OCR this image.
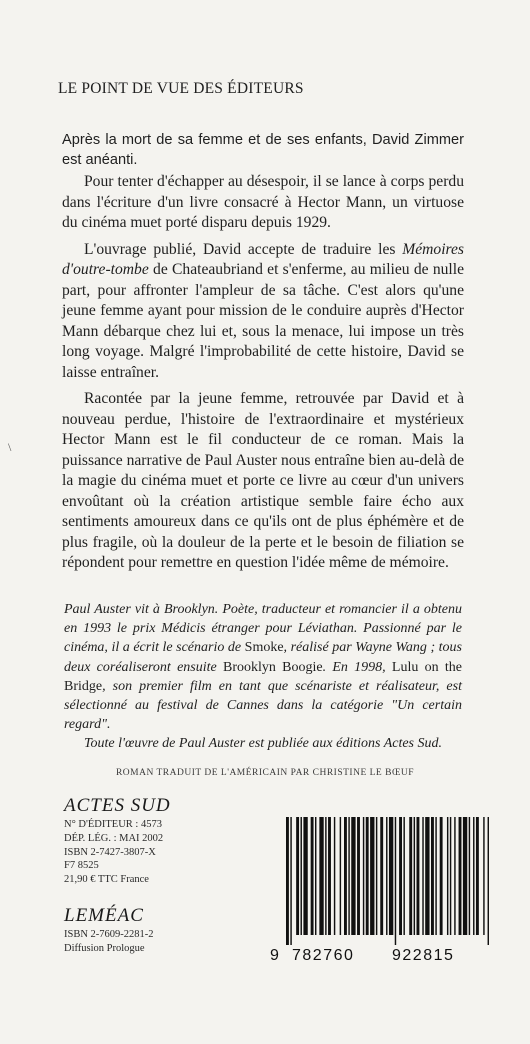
LE POINT DE VUE DES ÉDITEURS

Après la mort de sa femme et de ses enfants, David Zimmer est anéanti.

Pour tenter d'échapper au désespoir, il se lance à corps perdu dans l'écriture d'un livre consacré à Hector Mann, un virtuose du cinéma muet porté disparu depuis 1929.

L'ouvrage publié, David accepte de traduire les Mémoires d'outre-tombe de Chateaubriand et s'enferme, au milieu de nulle part, pour affronter l'ampleur de sa tâche. C'est alors qu'une jeune femme ayant pour mission de le conduire auprès d'Hector Mann débarque chez lui et, sous la menace, lui impose un très long voyage. Malgré l'improbabilité de cette histoire, David se laisse entraîner.

Racontée par la jeune femme, retrouvée par David et à nouveau perdue, l'histoire de l'extraordinaire et mystérieux Hector Mann est le fil conducteur de ce roman. Mais la puissance narrative de Paul Auster nous entraîne bien au-delà de la magie du cinéma muet et porte ce livre au cœur d'un univers envoûtant où la création artistique semble faire écho aux sentiments amoureux dans ce qu'ils ont de plus éphémère et de plus fragile, où la douleur de la perte et le besoin de filiation se répondent pour remettre en question l'idée même de mémoire.

Paul Auster vit à Brooklyn. Poète, traducteur et romancier il a obtenu en 1993 le prix Médicis étranger pour Léviathan. Passionné par le cinéma, il a écrit le scénario de Smoke, réalisé par Wayne Wang ; tous deux coréaliseront ensuite Brooklyn Boogie. En 1998, Lulu on the Bridge, son premier film en tant que scénariste et réalisateur, est sélectionné au festival de Cannes dans la catégorie "Un certain regard".

Toute l'œuvre de Paul Auster est publiée aux éditions Actes Sud.

ROMAN TRADUIT DE L'AMÉRICAIN PAR CHRISTINE LE BŒUF
ACTES SUD
N° D'ÉDITEUR : 4573
DÉP. LÉG. : MAI 2002
ISBN 2-7427-3807-X
F7 8525
21,90 € TTC France
LEMÉAC
ISBN 2-7609-2281-2
Diffusion Prologue	9 782760 922815
\
